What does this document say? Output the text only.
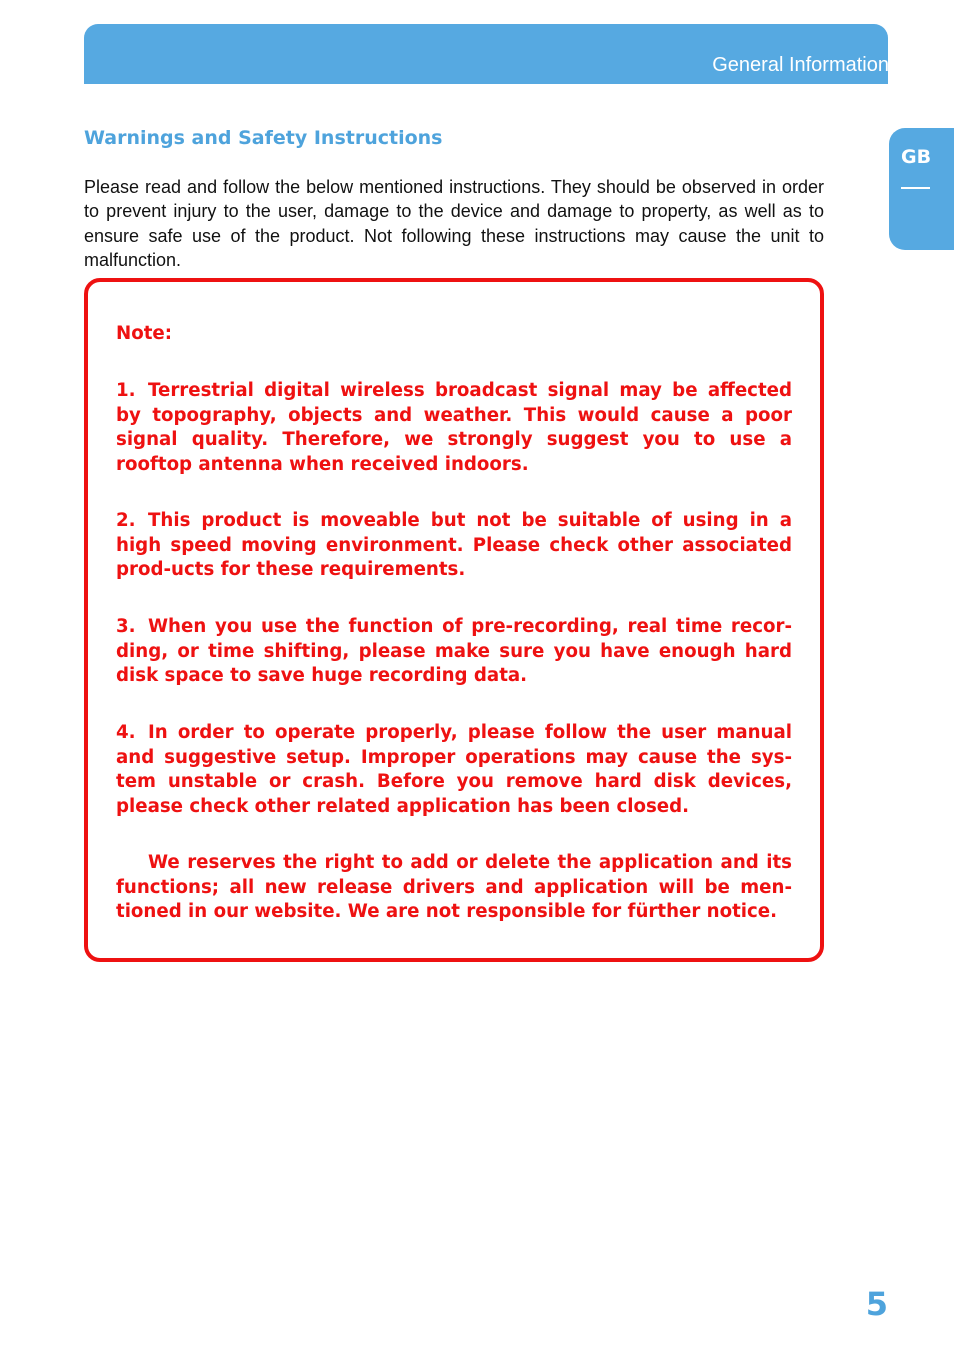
General Information
GB
Warnings and Safety Instructions

Please read and follow the below mentioned instructions. They should be observed in order to prevent injury to the user, damage to the device and damage to property, as well as to ensure safe use of the product. Not following these instructions may cause the unit to malfunction.

Note:

1. Terrestrial digital wireless broadcast signal may be affected by topography, objects and weather. This would cause a poor signal quality. Therefore, we strongly suggest you to use a rooftop antenna when received indoors.

2. This product is moveable but not be suitable of using in a high speed moving environment. Please check other associated prod-ucts for these requirements.

3. When you use the function of pre-recording, real time recor-ding, or time shifting, please make sure you have enough hard disk space to save huge recording data.

4. In order to operate properly, please follow the user manual and suggestive setup. Improper operations may cause the sys-tem unstable or crash. Before you remove hard disk devices, please check other related application has been closed.

We reserves the right to add or delete the application and its functions; all new release drivers and application will be men-tioned in our website. We are not responsible for fürther notice.

5
